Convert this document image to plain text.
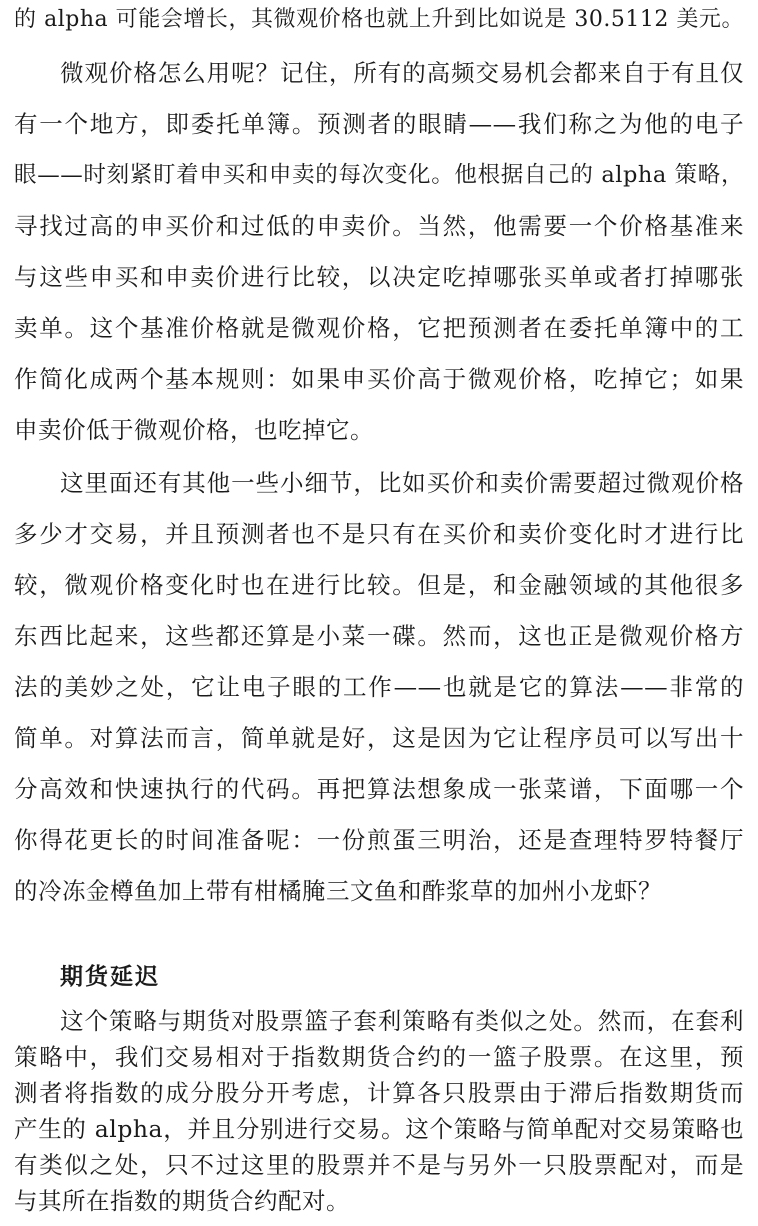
的 alpha 可能会增长，其微观价格也就上升到比如说是 30.5112 美元。
微观价格怎么用呢？记住，所有的高频交易机会都来自于有且仅
有一个地方，即委托单簿。预测者的眼睛——我们称之为他的电子
眼——时刻紧盯着申买和申卖的每次变化。他根据自己的 alpha 策略，
寻找过高的申买价和过低的申卖价。当然，他需要一个价格基准来
与这些申买和申卖价进行比较，以决定吃掉哪张买单或者打掉哪张
卖单。这个基准价格就是微观价格，它把预测者在委托单簿中的工
作简化成两个基本规则：如果申买价高于微观价格，吃掉它；如果
申卖价低于微观价格，也吃掉它。
这里面还有其他一些小细节，比如买价和卖价需要超过微观价格
多少才交易，并且预测者也不是只有在买价和卖价变化时才进行比
较，微观价格变化时也在进行比较。但是，和金融领域的其他很多
东西比起来，这些都还算是小菜一碟。然而，这也正是微观价格方
法的美妙之处，它让电子眼的工作——也就是它的算法——非常的
简单。对算法而言，简单就是好，这是因为它让程序员可以写出十
分高效和快速执行的代码。再把算法想象成一张菜谱，下面哪一个
你得花更长的时间准备呢：一份煎蛋三明治，还是查理特罗特餐厅
的冷冻金樽鱼加上带有柑橘腌三文鱼和酢浆草的加州小龙虾？
期货延迟
这个策略与期货对股票篮子套利策略有类似之处。然而，在套利
策略中，我们交易相对于指数期货合约的一篮子股票。在这里，预
测者将指数的成分股分开考虑，计算各只股票由于滞后指数期货而
产生的 alpha，并且分别进行交易。这个策略与简单配对交易策略也
有类似之处，只不过这里的股票并不是与另外一只股票配对，而是
与其所在指数的期货合约配对。
